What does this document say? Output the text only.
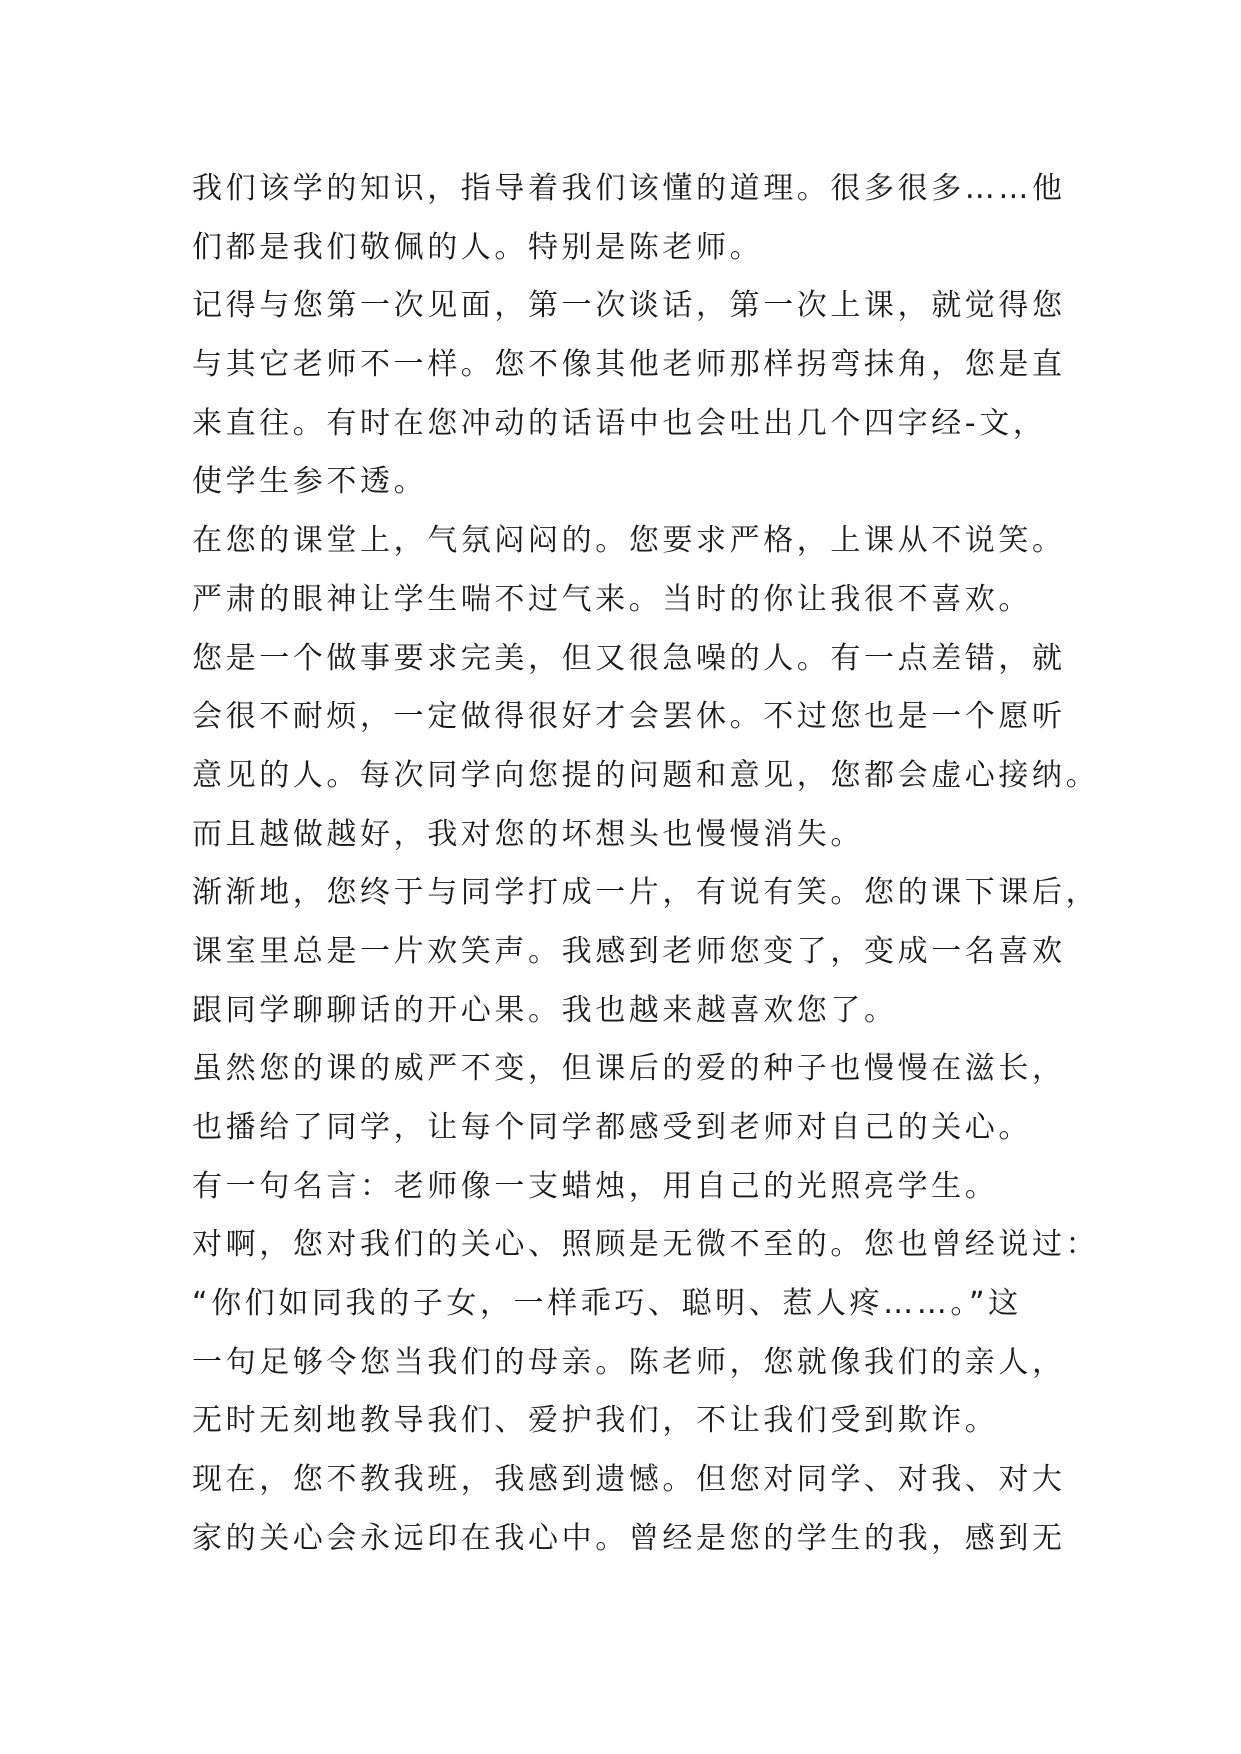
我们该学的知识，指导着我们该懂的道理。很多很多……他
们都是我们敬佩的人。特别是陈老师。
记得与您第一次见面，第一次谈话，第一次上课，就觉得您
与其它老师不一样。您不像其他老师那样拐弯抹角，您是直
来直往。有时在您冲动的话语中也会吐出几个四字经-文，
使学生参不透。
在您的课堂上，气氛闷闷的。您要求严格，上课从不说笑。
严肃的眼神让学生喘不过气来。当时的你让我很不喜欢。
您是一个做事要求完美，但又很急噪的人。有一点差错，就
会很不耐烦，一定做得很好才会罢休。不过您也是一个愿听
意见的人。每次同学向您提的问题和意见，您都会虚心接纳。
而且越做越好，我对您的坏想头也慢慢消失。
渐渐地，您终于与同学打成一片，有说有笑。您的课下课后，
课室里总是一片欢笑声。我感到老师您变了，变成一名喜欢
跟同学聊聊话的开心果。我也越来越喜欢您了。
虽然您的课的威严不变，但课后的爱的种子也慢慢在滋长，
也播给了同学，让每个同学都感受到老师对自己的关心。
有一句名言：老师像一支蜡烛，用自己的光照亮学生。
对啊，您对我们的关心、照顾是无微不至的。您也曾经说过：
“你们如同我的子女，一样乖巧、聪明、惹人疼……。”这
一句足够令您当我们的母亲。陈老师，您就像我们的亲人，
无时无刻地教导我们、爱护我们，不让我们受到欺诈。
现在，您不教我班，我感到遗憾。但您对同学、对我、对大
家的关心会永远印在我心中。曾经是您的学生的我，感到无
